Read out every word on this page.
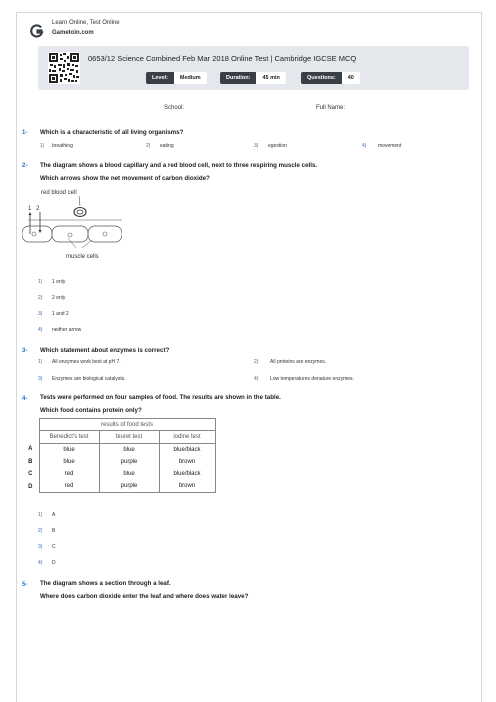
Learn Online, Test Online
Gametoin.com
0653/12 Science Combined Feb Mar 2018 Online Test | Cambridge IGCSE MCQ
Level:	Medium	Duration:	45 min	Questions:	40
School:	Full Name:
1- Which is a characteristic of all living organisms?
1) breathing	2) eating	3) egestion	4) movement
2- The diagram shows a blood capillary and a red blood cell, next to three respiring muscle cells.
Which arrows show the net movement of carbon dioxide?
red blood cell
1 2
muscle cells
1) 1 only
2) 2 only
3) 1 and 2
4) neither arrow
3- Which statement about enzymes is correct?
1) All enzymes work best at pH 7.	2) All proteins are enzymes.
3) Enzymes are biological catalysts.	4) Low temperatures denature enzymes.
4- Tests were performed on four samples of food. The results are shown in the table.
Which food contains protein only?
	results of food tests		
	Benedict's test	biuret test	iodine test
A	blue	blue	blue/black
B	blue	purple	brown
C	red	blue	blue/black
D	red	purple	brown
1) A
2) B
3) C
4) D
5- The diagram shows a section through a leaf.
Where does carbon dioxide enter the leaf and where does water leave?
